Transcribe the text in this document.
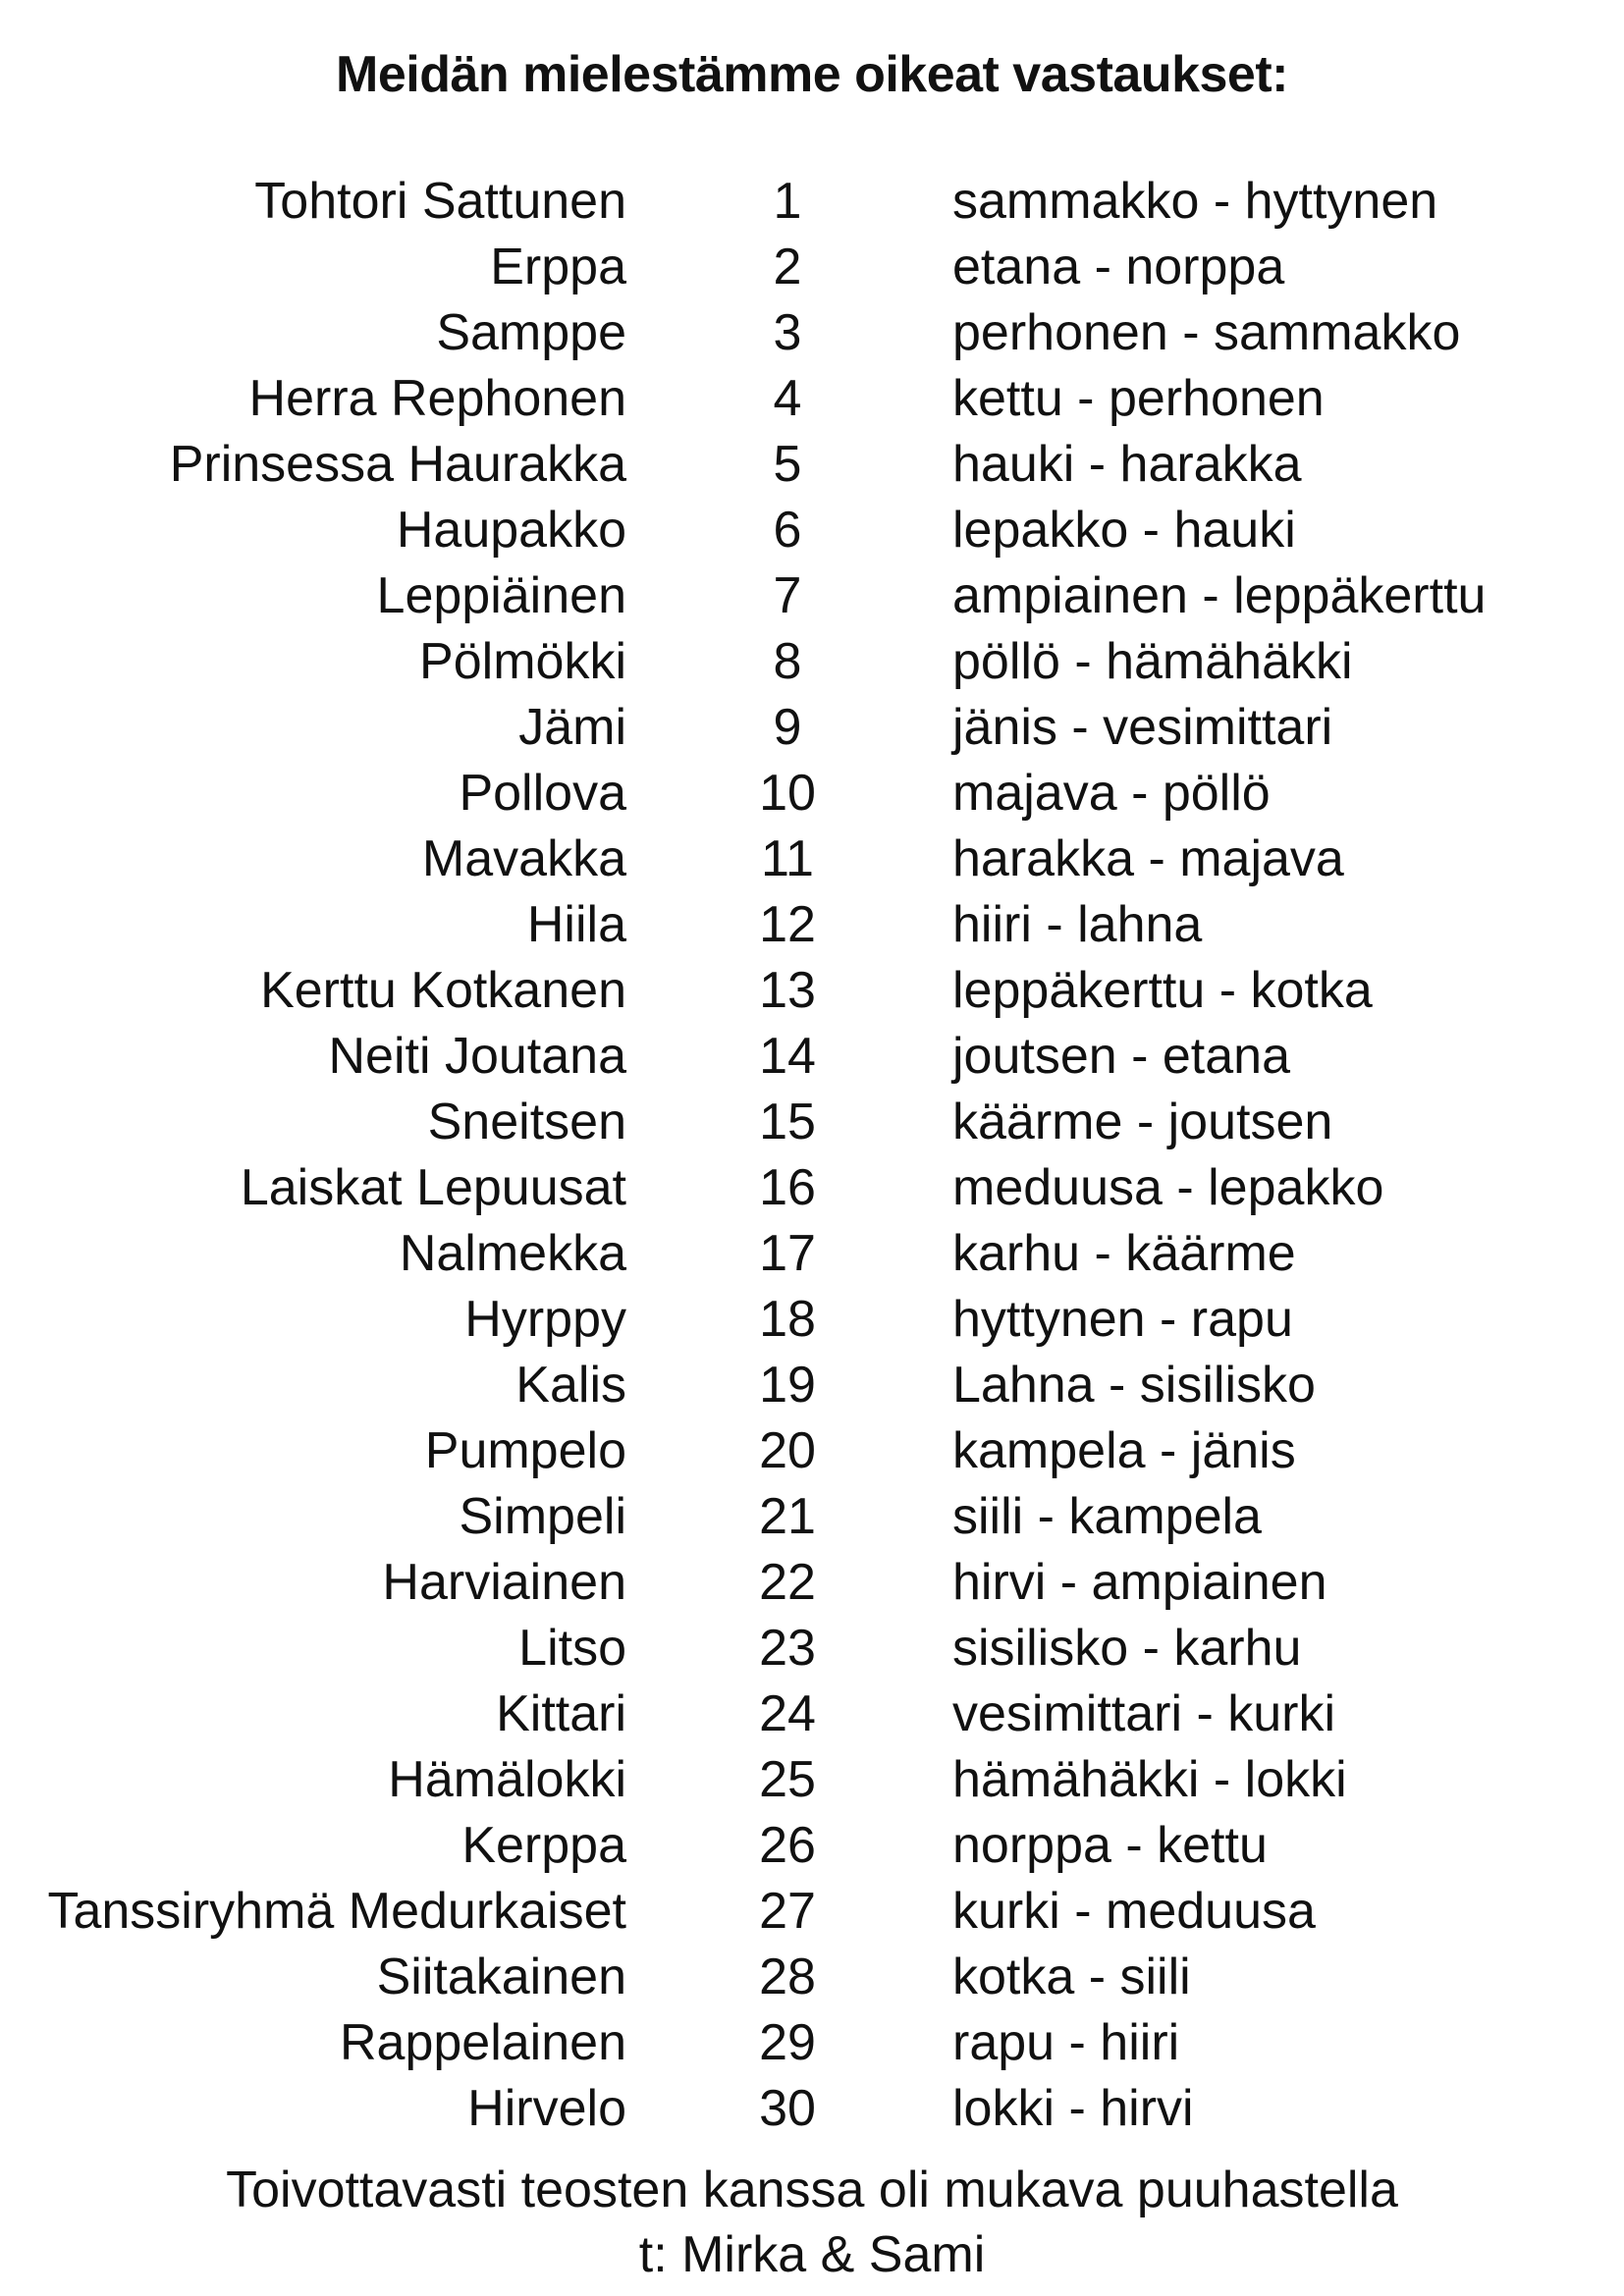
Meidän mielestämme oikeat vastaukset:
Tohtori Sattunen	1	sammakko - hyttynen
Erppa	2	etana - norppa
Samppe	3	perhonen - sammakko
Herra Rephonen	4	kettu - perhonen
Prinsessa Haurakka	5	hauki - harakka
Haupakko	6	lepakko - hauki
Leppiäinen	7	ampiainen - leppäkerttu
Pölmökki	8	pöllö - hämähäkki
Jämi	9	jänis - vesimittari
Pollova	10	majava - pöllö
Mavakka	11	harakka - majava
Hiila	12	hiiri - lahna
Kerttu Kotkanen	13	leppäkerttu - kotka
Neiti Joutana	14	joutsen - etana
Sneitsen	15	käärme - joutsen
Laiskat Lepuusat	16	meduusa - lepakko
Nalmekka	17	karhu - käärme
Hyrppy	18	hyttynen - rapu
Kalis	19	Lahna - sisilisko
Pumpelo	20	kampela - jänis
Simpeli	21	siili - kampela
Harviainen	22	hirvi - ampiainen
Litso	23	sisilisko - karhu
Kittari	24	vesimittari - kurki
Hämälokki	25	hämähäkki - lokki
Kerppa	26	norppa - kettu
Tanssiryhmä Medurkaiset	27	kurki - meduusa
Siitakainen	28	kotka - siili
Rappelainen	29	rapu - hiiri
Hirvelo	30	lokki - hirvi
Toivottavasti teosten kanssa oli mukava puuhastella
t: Mirka & Sami
